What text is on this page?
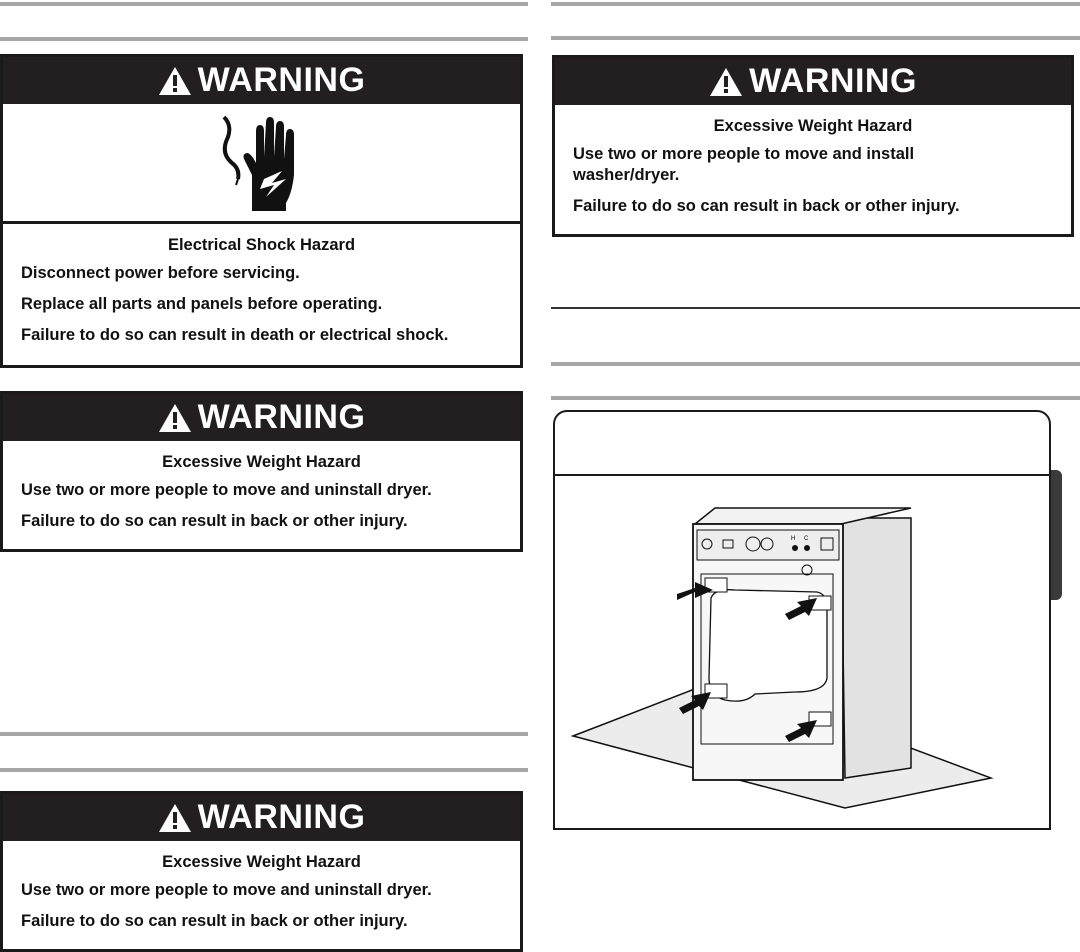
WARNING
Electrical Shock Hazard
Disconnect power before servicing.
Replace all parts and panels before operating.
Failure to do so can result in death or electrical shock.
WARNING
Excessive Weight Hazard
Use two or more people to move and uninstall dryer.
Failure to do so can result in back or other injury.
WARNING
Excessive Weight Hazard
Use two or more people to move and uninstall dryer.
Failure to do so can result in back or other injury.
WARNING
Excessive Weight Hazard
Use two or more people to move and install
washer/dryer.
Failure to do so can result in back or other injury.
H C
